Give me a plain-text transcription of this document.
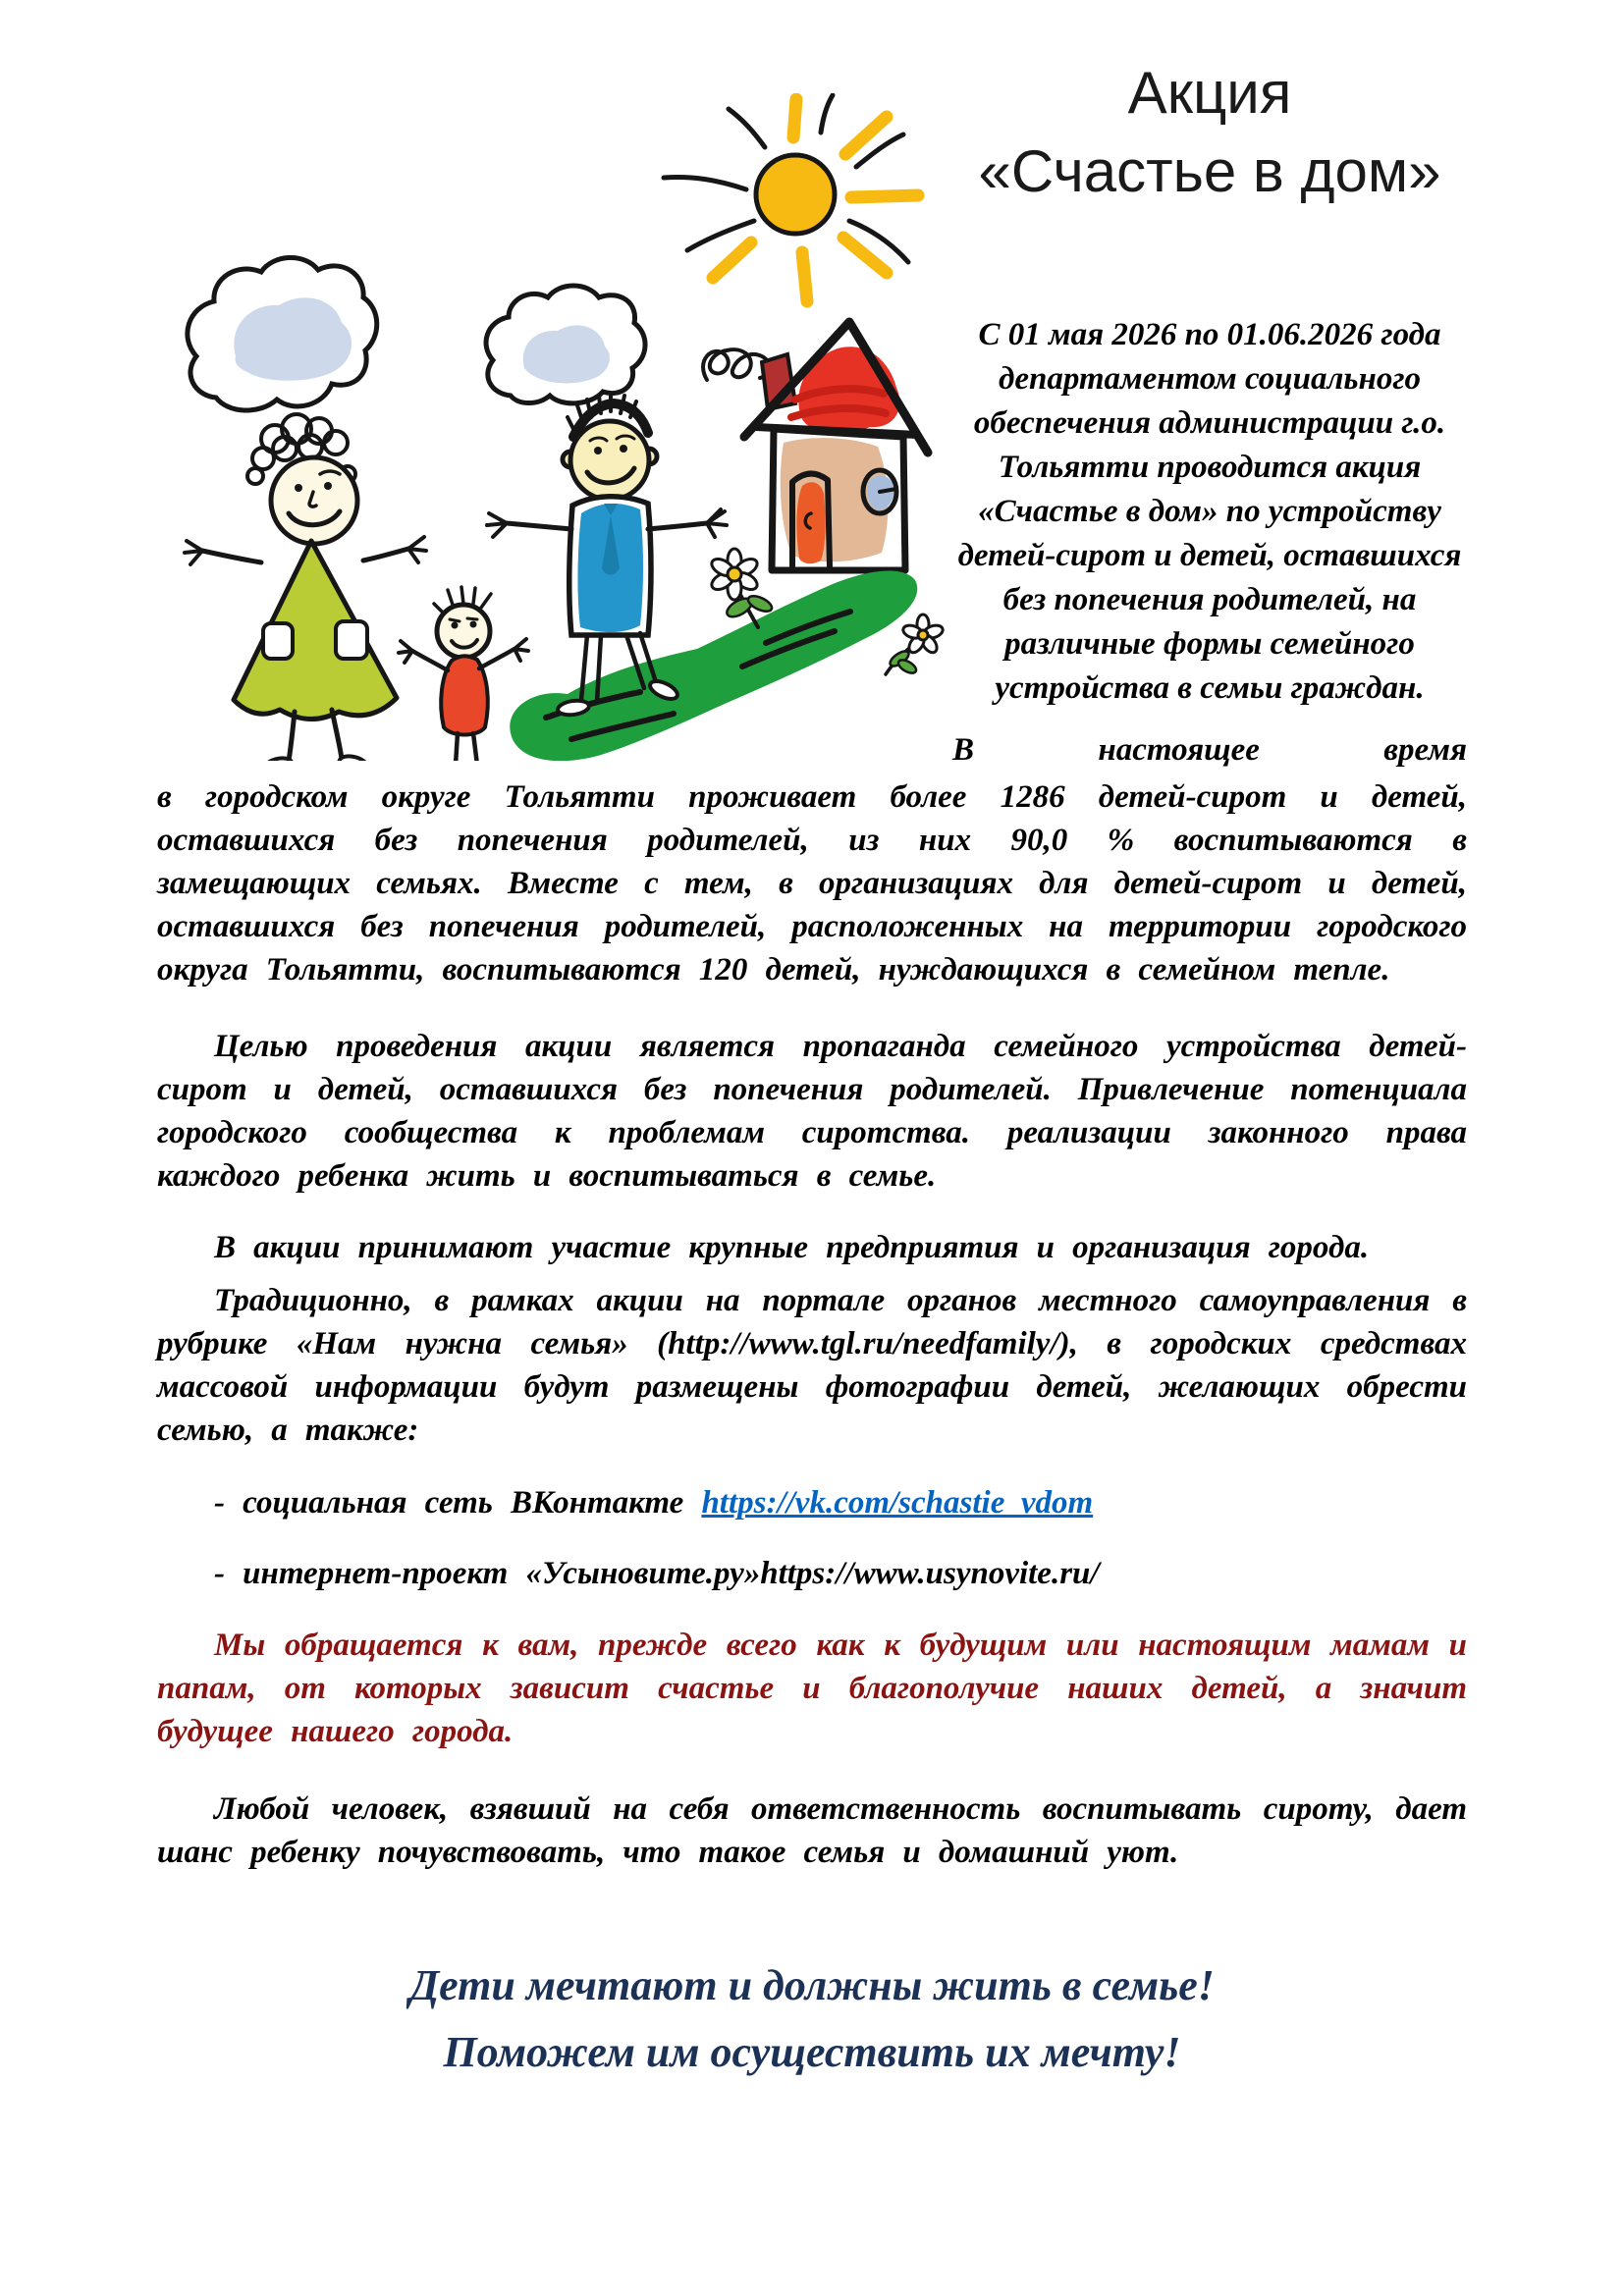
Акция
«Счастье в дом»
С 01 мая 2026 по 01.06.2026 года департаментом социального обеспечения администрации г.о. Тольятти проводится акция «Счастье в дом» по устройству детей-сирот и детей, оставшихся без попечения родителей, на различные формы семейного устройства в семьи граждан.

В настоящее время

в городском округе Тольятти проживает более 1286 детей-сирот и детей, оставшихся без попечения родителей, из них 90,0 % воспитываются в замещающих семьях. Вместе с тем, в организациях для детей-сирот и детей, оставшихся без попечения родителей, расположенных на территории городского округа Тольятти, воспитываются 120 детей, нуждающихся в семейном тепле.

Целью проведения акции является пропаганда семейного устройства детей-сирот и детей, оставшихся без попечения родителей. Привлечение потенциала городского сообщества к проблемам сиротства. реализации законного права каждого ребенка жить и воспитываться в семье.

В акции принимают участие крупные предприятия и организация города.

Традиционно, в рамках акции на портале органов местного самоуправления в рубрике «Нам нужна семья» (http://www.tgl.ru/needfamily/), в городских средствах массовой информации будут размещены фотографии детей, желающих обрести семью, а также:

- социальная сеть ВКонтакте https://vk.com/schastie_vdom

- интернет-проект «Усыновите.ру»https://www.usynovite.ru/

Мы обращается к вам, прежде всего как к будущим или настоящим мамам и папам, от которых зависит счастье и благополучие наших детей, а значит будущее нашего города.

Любой человек, взявший на себя ответственность воспитывать сироту, дает шанс ребенку почувствовать, что такое семья и домашний уют.

Дети мечтают и должны жить в семье!
Поможем им осуществить их мечту!
